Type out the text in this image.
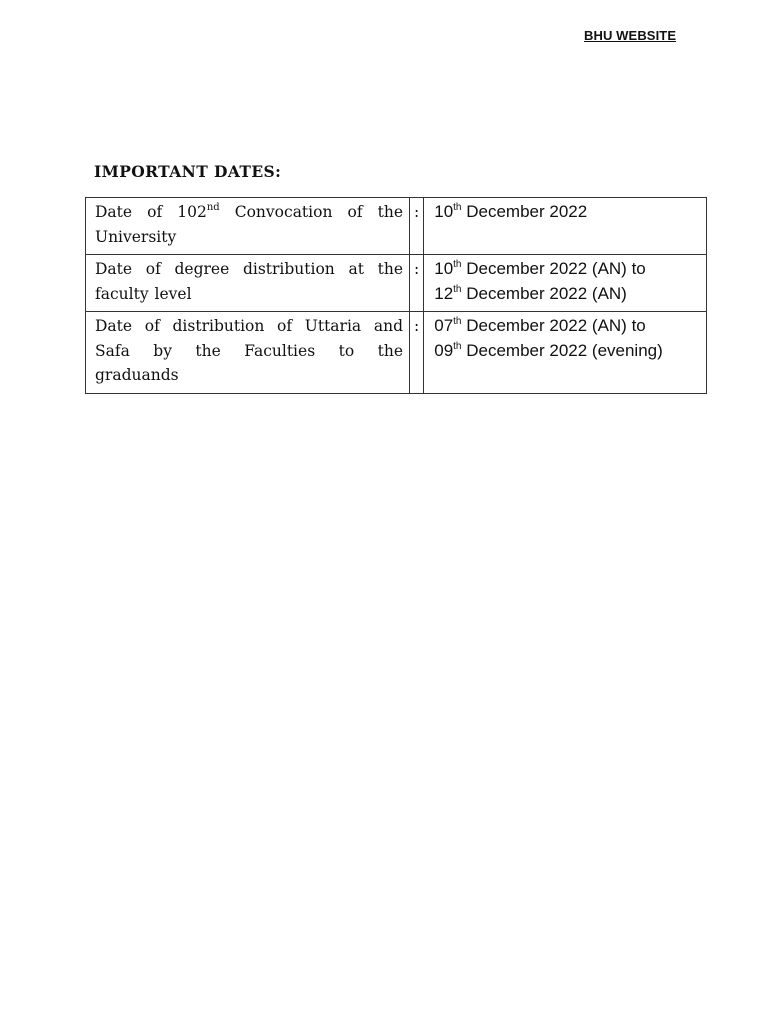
BHU WEBSITE
IMPORTANT DATES:
Date of 102nd Convocation of the University	:	10th December 2022

Date of degree distribution at the faculty level	:	10th December 2022 (AN) to
12th December 2022 (AN)

Date of distribution of Uttaria and Safa by the Faculties to the graduands	:	07th December 2022 (AN) to
09th December 2022 (evening)
